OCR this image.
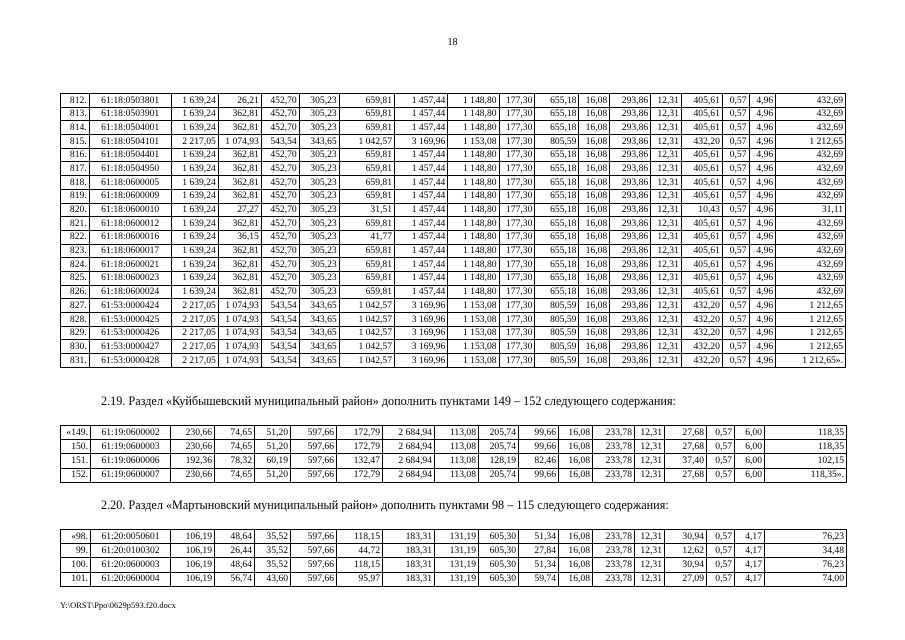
18
812.	61:18:0503801	1 639,24	26,21	452,70	305,23	659,81	1 457,44	1 148,80	177,30	655,18	16,08	293,86	12,31	405,61	0,57	4,96	432,69
813.	61:18:0503901	1 639,24	362,81	452,70	305,23	659,81	1 457,44	1 148,80	177,30	655,18	16,08	293,86	12,31	405,61	0,57	4,96	432,69
814.	61:18:0504001	1 639,24	362,81	452,70	305,23	659,81	1 457,44	1 148,80	177,30	655,18	16,08	293,86	12,31	405,61	0,57	4,96	432,69
815.	61:18:0504101	2 217,05	1 074,93	543,54	343,65	1 042,57	3 169,96	1 153,08	177,30	805,59	16,08	293,86	12,31	432,20	0,57	4,96	1 212,65
816.	61:18:0504401	1 639,24	362,81	452,70	305,23	659,81	1 457,44	1 148,80	177,30	655,18	16,08	293,86	12,31	405,61	0,57	4,96	432,69
817.	61:18:0504950	1 639,24	362,81	452,70	305,23	659,81	1 457,44	1 148,80	177,30	655,18	16,08	293,86	12,31	405,61	0,57	4,96	432,69
818.	61:18:0600005	1 639,24	362,81	452,70	305,23	659,81	1 457,44	1 148,80	177,30	655,18	16,08	293,86	12,31	405,61	0,57	4,96	432,69
819.	61:18:0600009	1 639,24	362,81	452,70	305,23	659,81	1 457,44	1 148,80	177,30	655,18	16,08	293,86	12,31	405,61	0,57	4,96	432,69
820.	61:18:0600010	1 639,24	27,27	452,70	305,23	31,51	1 457,44	1 148,80	177,30	655,18	16,08	293,86	12,31	10,43	0,57	4,96	31,11
821.	61:18:0600012	1 639,24	362,81	452,70	305,23	659,81	1 457,44	1 148,80	177,30	655,18	16,08	293,86	12,31	405,61	0,57	4,96	432,69
822.	61:18:0600016	1 639,24	36,15	452,70	305,23	41,77	1 457,44	1 148,80	177,30	655,18	16,08	293,86	12,31	405,61	0,57	4,96	432,69
823.	61:18:0600017	1 639,24	362,81	452,70	305,23	659,81	1 457,44	1 148,80	177,30	655,18	16,08	293,86	12,31	405,61	0,57	4,96	432,69
824.	61:18:0600021	1 639,24	362,81	452,70	305,23	659,81	1 457,44	1 148,80	177,30	655,18	16,08	293,86	12,31	405,61	0,57	4,96	432,69
825.	61:18:0600023	1 639,24	362,81	452,70	305,23	659,81	1 457,44	1 148,80	177,30	655,18	16,08	293,86	12,31	405,61	0,57	4,96	432,69
826.	61:18:0600024	1 639,24	362,81	452,70	305,23	659,81	1 457,44	1 148,80	177,30	655,18	16,08	293,86	12,31	405,61	0,57	4,96	432,69
827.	61:53:0000424	2 217,05	1 074,93	543,54	343,65	1 042,57	3 169,96	1 153,08	177,30	805,59	16,08	293,86	12,31	432,20	0,57	4,96	1 212,65
828.	61:53:0000425	2 217,05	1 074,93	543,54	343,65	1 042,57	3 169,96	1 153,08	177,30	805,59	16,08	293,86	12,31	432,20	0,57	4,96	1 212,65
829.	61:53:0000426	2 217,05	1 074,93	543,54	343,65	1 042,57	3 169,96	1 153,08	177,30	805,59	16,08	293,86	12,31	432,20	0,57	4,96	1 212,65
830.	61:53:0000427	2 217,05	1 074,93	543,54	343,65	1 042,57	3 169,96	1 153,08	177,30	805,59	16,08	293,86	12,31	432,20	0,57	4,96	1 212,65
831.	61:53:0000428	2 217,05	1 074,93	543,54	343,65	1 042,57	3 169,96	1 153,08	177,30	805,59	16,08	293,86	12,31	432,20	0,57	4,96	1 212,65».
2.19. Раздел «Куйбышевский муниципальный район» дополнить пунктами 149 – 152 следующего содержания:
«149.	61:19:0600002	230,66	74,65	51,20	597,66	172,79	2 684,94	113,08	205,74	99,66	16,08	233,78	12,31	27,68	0,57	6,00	118,35
150.	61:19:0600003	230,66	74,65	51,20	597,66	172,79	2 684,94	113,08	205,74	99,66	16,08	233,78	12,31	27,68	0,57	6,00	118,35
151.	61:19:0600006	192,36	78,32	60,19	597,66	132,47	2 684,94	113,08	128,19	82,46	16,08	233,78	12,31	37,40	0,57	6,00	102,15
152.	61:19:0600007	230,66	74,65	51,20	597,66	172,79	2 684,94	113,08	205,74	99,66	16,08	233,78	12,31	27,68	0,57	6,00	118,35».
2.20. Раздел «Мартыновский муниципальный район» дополнить пунктами 98 – 115 следующего содержания:
«98.	61:20:0050601	106,19	48,64	35,52	597,66	118,15	183,31	131,19	605,30	51,34	16,08	233,78	12,31	30,94	0,57	4,17	76,23
99.	61:20:0100302	106,19	26,44	35,52	597,66	44,72	183,31	131,19	605,30	27,84	16,08	233,78	12,31	12,62	0,57	4,17	34,48
100.	61:20:0600003	106,19	48,64	35,52	597,66	118,15	183,31	131,19	605,30	51,34	16,08	233,78	12,31	30,94	0,57	4,17	76,23
101.	61:20:0600004	106,19	56,74	43,60	597,66	95,97	183,31	131,19	605,30	59,74	16,08	233,78	12,31	27,09	0,57	4,17	74,00
Y:\ORST\Ppo\0629p593.f20.docx
